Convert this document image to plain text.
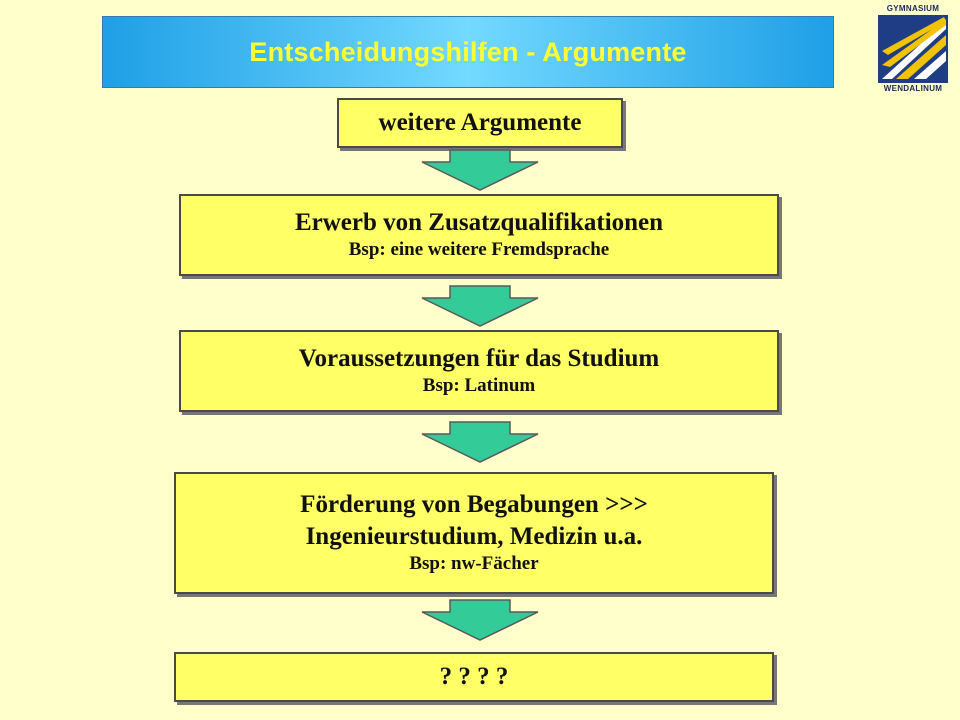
Entscheidungshilfen - Argumente
GYMNASIUM
WENDALINUM
weitere Argumente
Erwerb von Zusatzqualifikationen
Bsp: eine weitere Fremdsprache
Voraussetzungen für das Studium
Bsp: Latinum
Förderung von Begabungen >>>
Ingenieurstudium, Medizin u.a.
Bsp: nw-Fächer
? ? ? ?
